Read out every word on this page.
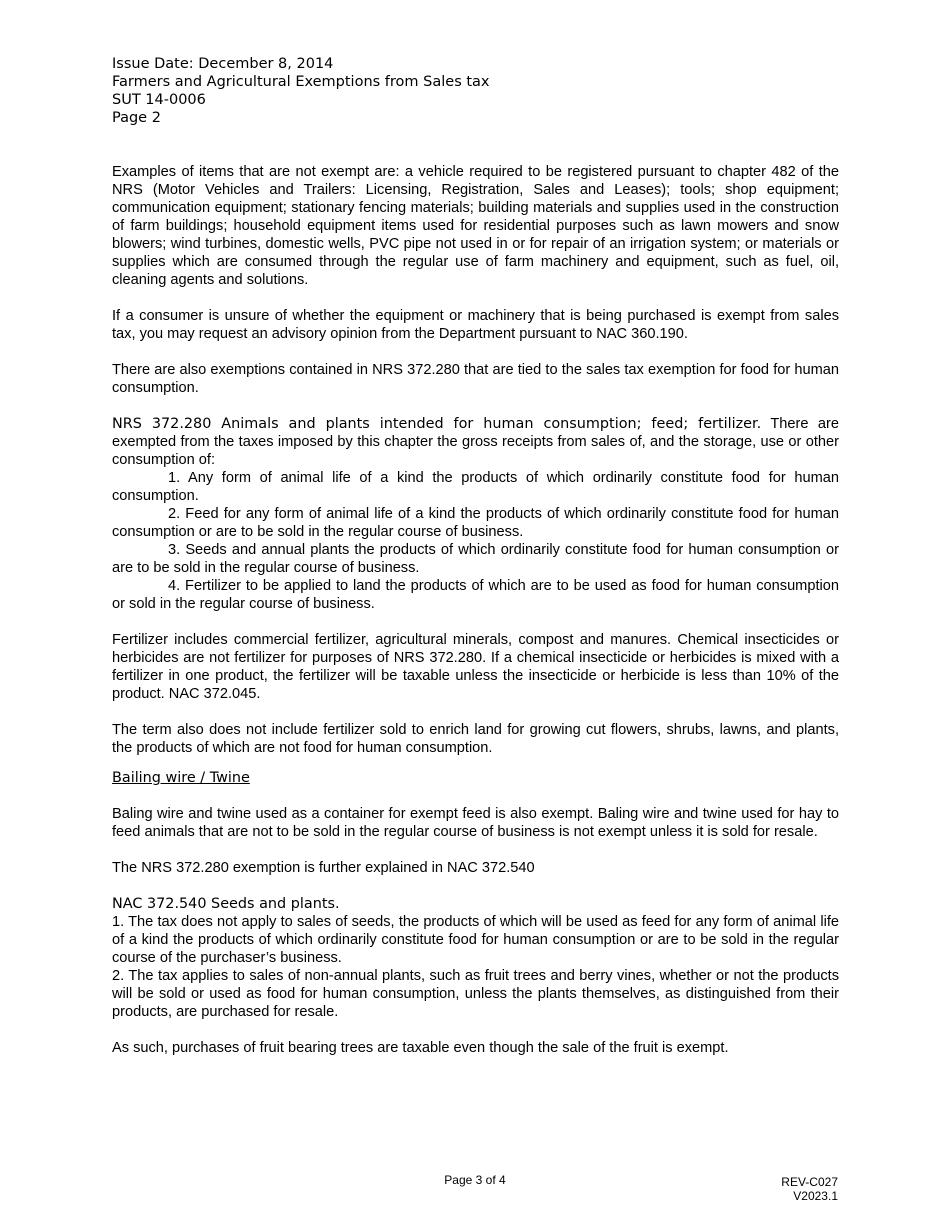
Issue Date: December 8, 2014
Farmers and Agricultural Exemptions from Sales tax
SUT 14-0006
Page 2

Examples of items that are not exempt are: a vehicle required to be registered pursuant to chapter 482 of the NRS (Motor Vehicles and Trailers: Licensing, Registration, Sales and Leases); tools; shop equipment; communication equipment; stationary fencing materials; building materials and supplies used in the construction of farm buildings; household equipment items used for residential purposes such as lawn mowers and snow blowers; wind turbines, domestic wells, PVC pipe not used in or for repair of an irrigation system; or materials or supplies which are consumed through the regular use of farm machinery and equipment, such as fuel, oil, cleaning agents and solutions.

If a consumer is unsure of whether the equipment or machinery that is being purchased is exempt from sales tax, you may request an advisory opinion from the Department pursuant to NAC 360.190.

There are also exemptions contained in NRS 372.280 that are tied to the sales tax exemption for food for human consumption.

NRS 372.280 Animals and plants intended for human consumption; feed; fertilizer. There are exempted from the taxes imposed by this chapter the gross receipts from sales of, and the storage, use or other consumption of:

1. Any form of animal life of a kind the products of which ordinarily constitute food for human consumption.

2. Feed for any form of animal life of a kind the products of which ordinarily constitute food for human consumption or are to be sold in the regular course of business.

3. Seeds and annual plants the products of which ordinarily constitute food for human consumption or are to be sold in the regular course of business.

4. Fertilizer to be applied to land the products of which are to be used as food for human consumption or sold in the regular course of business.

Fertilizer includes commercial fertilizer, agricultural minerals, compost and manures. Chemical insecticides or herbicides are not fertilizer for purposes of NRS 372.280. If a chemical insecticide or herbicides is mixed with a fertilizer in one product, the fertilizer will be taxable unless the insecticide or herbicide is less than 10% of the product. NAC 372.045.

The term also does not include fertilizer sold to enrich land for growing cut flowers, shrubs, lawns, and plants, the products of which are not food for human consumption.

Bailing wire / Twine

Baling wire and twine used as a container for exempt feed is also exempt. Baling wire and twine used for hay to feed animals that are not to be sold in the regular course of business is not exempt unless it is sold for resale.

The NRS 372.280 exemption is further explained in NAC 372.540

NAC 372.540 Seeds and plants.

1. The tax does not apply to sales of seeds, the products of which will be used as feed for any form of animal life of a kind the products of which ordinarily constitute food for human consumption or are to be sold in the regular course of the purchaser’s business.

2. The tax applies to sales of non-annual plants, such as fruit trees and berry vines, whether or not the products will be sold or used as food for human consumption, unless the plants themselves, as distinguished from their products, are purchased for resale.

As such, purchases of fruit bearing trees are taxable even though the sale of the fruit is exempt.

Page 3 of 4	REV-C027
V2023.1
